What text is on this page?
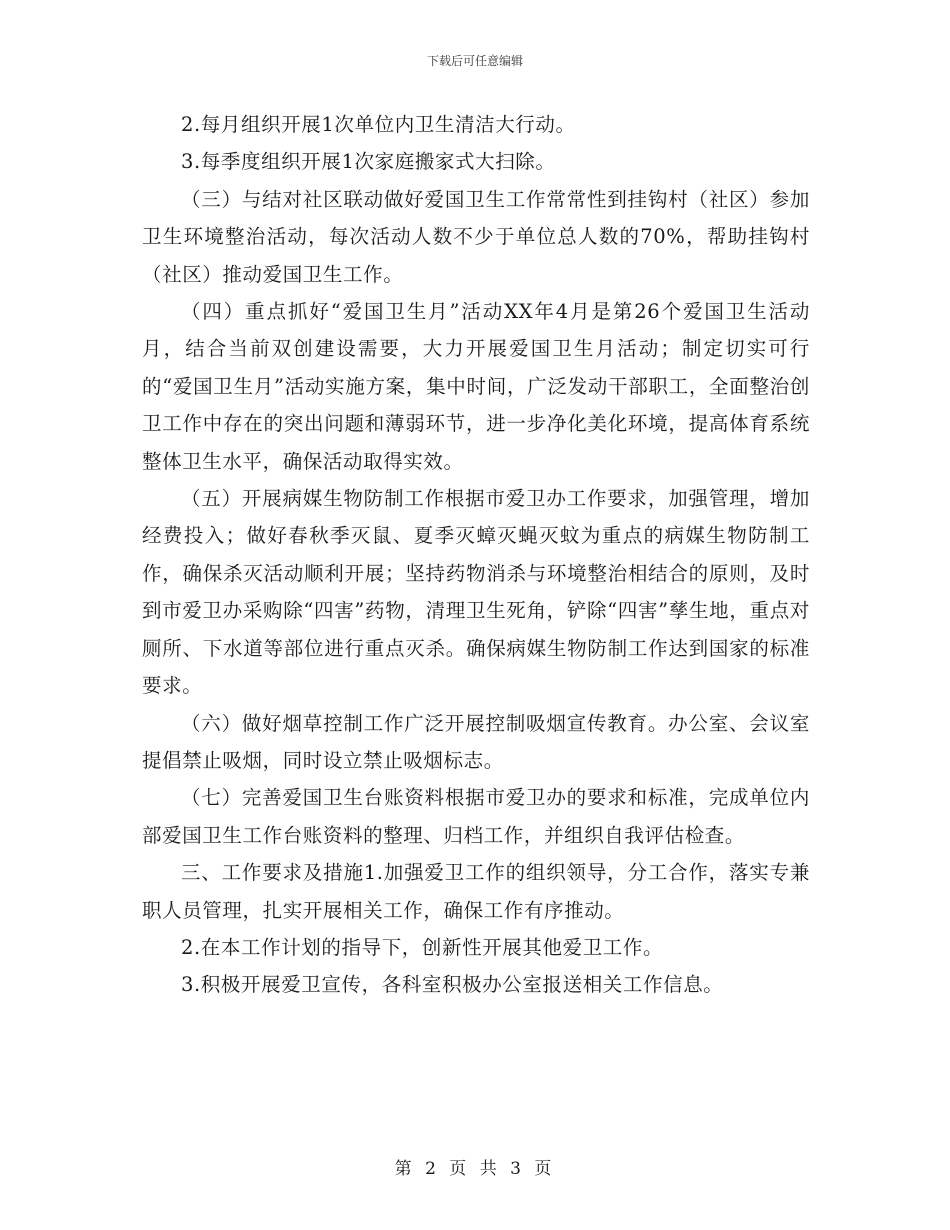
下载后可任意编辑

2.每月组织开展1次单位内卫生清洁大行动。

3.每季度组织开展1次家庭搬家式大扫除。

（三）与结对社区联动做好爱国卫生工作常常性到挂钩村（社区）参加卫生环境整治活动，每次活动人数不少于单位总人数的70%，帮助挂钩村（社区）推动爱国卫生工作。

（四）重点抓好“爱国卫生月”活动XX年4月是第26个爱国卫生活动月，结合当前双创建设需要，大力开展爱国卫生月活动；制定切实可行的“爱国卫生月”活动实施方案，集中时间，广泛发动干部职工，全面整治创卫工作中存在的突出问题和薄弱环节，进一步净化美化环境，提高体育系统整体卫生水平，确保活动取得实效。

（五）开展病媒生物防制工作根据市爱卫办工作要求，加强管理，增加经费投入；做好春秋季灭鼠、夏季灭蟑灭蝇灭蚊为重点的病媒生物防制工作，确保杀灭活动顺利开展；坚持药物消杀与环境整治相结合的原则，及时到市爱卫办采购除“四害”药物，清理卫生死角，铲除“四害”孳生地，重点对厕所、下水道等部位进行重点灭杀。确保病媒生物防制工作达到国家的标准要求。

（六）做好烟草控制工作广泛开展控制吸烟宣传教育。办公室、会议室提倡禁止吸烟，同时设立禁止吸烟标志。

（七）完善爱国卫生台账资料根据市爱卫办的要求和标准，完成单位内部爱国卫生工作台账资料的整理、归档工作，并组织自我评估检查。

三、工作要求及措施1.加强爱卫工作的组织领导，分工合作，落实专兼职人员管理，扎实开展相关工作，确保工作有序推动。

2.在本工作计划的指导下，创新性开展其他爱卫工作。

3.积极开展爱卫宣传，各科室积极办公室报送相关工作信息。

第 2 页 共 3 页
